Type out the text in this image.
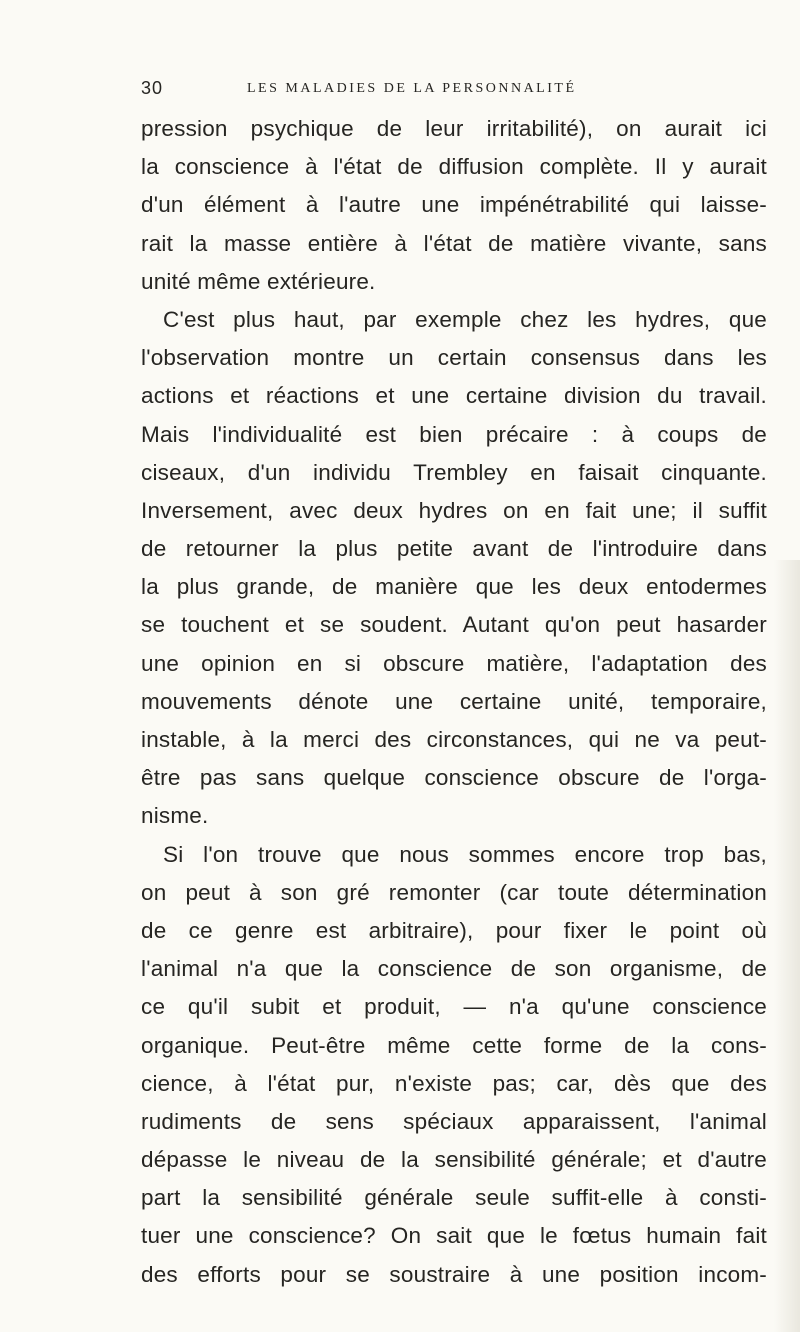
30	LES MALADIES DE LA PERSONNALITÉ
pression psychique de leur irritabilité), on aurait ici
la conscience à l'état de diffusion complète. Il y aurait
d'un élément à l'autre une impénétrabilité qui laisse-
rait la masse entière à l'état de matière vivante, sans
unité même extérieure.
C'est plus haut, par exemple chez les hydres, que
l'observation montre un certain consensus dans les
actions et réactions et une certaine division du travail.
Mais l'individualité est bien précaire : à coups de
ciseaux, d'un individu Trembley en faisait cinquante.
Inversement, avec deux hydres on en fait une; il suffit
de retourner la plus petite avant de l'introduire dans
la plus grande, de manière que les deux entodermes
se touchent et se soudent. Autant qu'on peut hasarder
une opinion en si obscure matière, l'adaptation des
mouvements dénote une certaine unité, temporaire,
instable, à la merci des circonstances, qui ne va peut-
être pas sans quelque conscience obscure de l'orga-
nisme.
Si l'on trouve que nous sommes encore trop bas,
on peut à son gré remonter (car toute détermination
de ce genre est arbitraire), pour fixer le point où
l'animal n'a que la conscience de son organisme, de
ce qu'il subit et produit, — n'a qu'une conscience
organique. Peut-être même cette forme de la cons-
cience, à l'état pur, n'existe pas; car, dès que des
rudiments de sens spéciaux apparaissent, l'animal
dépasse le niveau de la sensibilité générale; et d'autre
part la sensibilité générale seule suffit-elle à consti-
tuer une conscience? On sait que le fœtus humain fait
des efforts pour se soustraire à une position incom-
